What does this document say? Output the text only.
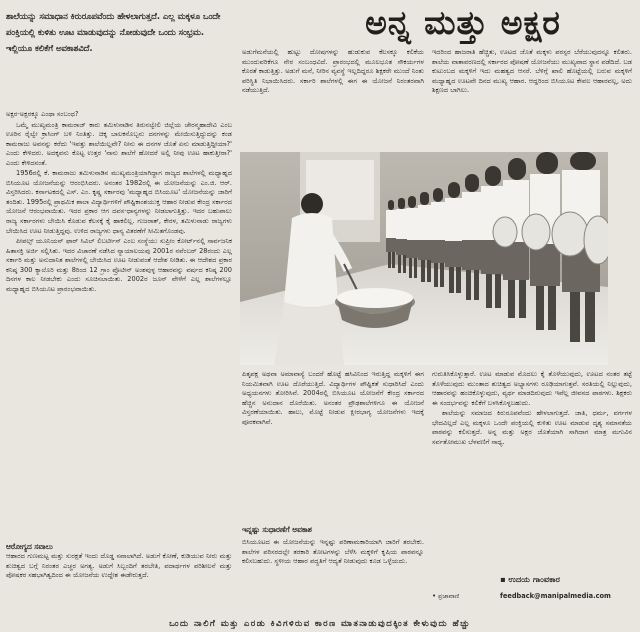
ಶಾಲೆಯನ್ನು ಸಮಾಧಾನ ಕಿರುರೂಪವೆಂದು ಹೇಳಲಾಗುತ್ತದೆ. ಎಲ್ಲ ಮಕ್ಕಳೂ ಒಂದೇ ಪಂಕ್ತಿಯಲ್ಲಿ ಕುಳಿತು ಊಟ ಮಾಡುವುದನ್ನು ನೋಡುವುದೇ ಒಂದು ಸಂಭ್ರಮ. ಇಲ್ಲಿಯೂ ಕಲಿಕೆಗೆ ಅವಕಾಶವಿದೆ.
ಅನ್ನ ಮತ್ತು ಅಕ್ಷರ

ಅಕ್ಷರ-ಅಕ್ಷರಕ್ಕೂ ಎಂಥಾ ಸಂಬಂಧ?

ಒಮ್ಮೆ ಮುಖ್ಯಮಂತ್ರಿ ಕಾಮರಾಜ್ ಕಾರು ತಮಿಳುನಾಡಿನ ತಿರುನಲ್ವೇಲಿ ಜಿಲ್ಲೆಯ ಚೇರನ್ಮಹಾದೇವಿ ಎಂಬ ಊರಿನ ರೈಲ್ವೇ ಕ್ರಾಸಿಂಗ್ ಬಳಿ ನಿಂತಿತ್ತು. ಚಿಕ್ಕ ಬಾಲಕನೊಬ್ಬನು ದನಗಳನ್ನು ಮೇಯಿಸುತ್ತಿದ್ದುದನ್ನು ಕಂಡ ಕಾಮರಾಜು ಅವನನ್ನು ಕರೆದು 'ಇವತ್ತು ಶಾಲೆಯಿಲ್ಲವೇ? ನೀನು ಈ ದನಗಳ ಜೊತೆ ಏನು ಮಾಡುತ್ತಿದ್ದೀಯಾ?' ಎಂದು ಕೇಳಿದರು. ಅದಕ್ಕವನು ಕೊಟ್ಟ ಉತ್ತರ 'ನಾನು ಶಾಲೆಗೆ ಹೋದರೆ ಅಲ್ಲಿ ನೀವು ಊಟ ಹಾಕುತ್ತೀರಾ?' ಎಂದು ಕೇಳಿದನಂತೆ.

1956ರಲ್ಲಿ ಕೆ. ಕಾಮರಾಜು ತಮಿಳುನಾಡಿನ ಮುಖ್ಯಮಂತ್ರಿಯಾಗಿದ್ದಾಗ ರಾಜ್ಯದ ಶಾಲೆಗಳಲ್ಲಿ ಮಧ್ಯಾಹ್ನದ ಬಿಸಿಯೂಟ ಯೋಜನೆಯನ್ನು ಆರಂಭಿಸಿದರು. ಅನಂತರ 1982ರಲ್ಲಿ ಈ ಯೋಜನೆಯನ್ನು ಎಂ.ಜಿ. ಆರ್. ವಿಸ್ತರಿಸಿದರು. ಕರ್ನಾಟಕದಲ್ಲಿ ಎಸ್. ಎಂ. ಕೃಷ್ಣ ಸರ್ಕಾರವು 'ಮಧ್ಯಾಹ್ನದ ಬಿಸಿಯೂಟ' ಯೋಜನೆಯನ್ನು ಜಾರಿಗೆ ತಂದಿತು. 1995ರಲ್ಲಿ ಪ್ರಾಥಮಿಕ ಶಾಲಾ ವಿದ್ಯಾರ್ಥಿಗಳಿಗೆ ಪೌಷ್ಟಿಕಾಂಶಯುಕ್ತ ಆಹಾರ ನೀಡುವ ಕೇಂದ್ರ ಸರ್ಕಾರದ ಯೋಜನೆ ಆರಂಭವಾಯಿತು. ಇದರ ಪ್ರಕಾರ ಆಗ ದವಸ-ಧಾನ್ಯಗಳನ್ನು ನೀಡಲಾಗುತ್ತಿತ್ತು. ಇದರ ಬಹುಪಾಲು ರಾಜ್ಯ ಸರ್ಕಾರಗಳು ಬೇಯಿಸಿ ಕೊಡುವ ಕೆಲಸಕ್ಕೆ ಕೈ ಹಾಕಲಿಲ್ಲ. ಗುಜರಾತ್, ಕೇರಳ, ತಮಿಳುನಾಡು ರಾಜ್ಯಗಳು ಬೇಯಿಸಿದ ಊಟ ನೀಡುತ್ತಿದ್ದವು. ಉಳಿದ ರಾಜ್ಯಗಳು ಧಾನ್ಯ ವಿತರಣೆಗೆ ಸೀಮಿತಗೊಂಡವು.

ಪೀಪಲ್ಸ್ ಯೂನಿಯನ್ ಫಾರ್ ಸಿವಿಲ್ ಲಿಬರ್ಟೀಸ್ ಎಂಬ ಸಂಸ್ಥೆಯು ಸುಪ್ರೀಂ ಕೋರ್ಟ್‌ನಲ್ಲಿ ಸಾರ್ವಜನಿಕ ಹಿತಾಸಕ್ತಿ ಅರ್ಜಿ ಸಲ್ಲಿಸಿತು. ಇದರ ವಿಚಾರಣೆ ನಡೆಸಿದ ನ್ಯಾಯಾಲಯವು 2001ರ ನವೆಂಬರ್ 28ರಂದು ಎಲ್ಲ ಸರ್ಕಾರಿ ಮತ್ತು ಅನುದಾನಿತ ಶಾಲೆಗಳಲ್ಲಿ ಬೇಯಿಸಿದ ಊಟ ನೀಡುವಂತೆ ಆದೇಶ ನೀಡಿತು. ಈ ಆದೇಶದ ಪ್ರಕಾರ ಕನಿಷ್ಠ 300 ಕ್ಯಾಲೊರಿ ಮತ್ತು 8ರಿಂದ 12 ಗ್ರಾಂ ಪ್ರೊಟೀನ್ ಅಂಶವುಳ್ಳ ಆಹಾರವನ್ನು ವರ್ಷದ ಕನಿಷ್ಠ 200 ದಿನಗಳ ಕಾಲ ನೀಡಬೇಕು ಎಂದು ಸೂಚಿಸಲಾಯಿತು. 2002ರ ಜೂನ್ ವೇಳೆಗೆ ಎಲ್ಲ ಶಾಲೆಗಳಲ್ಲೂ ಮಧ್ಯಾಹ್ನದ ಬಿಸಿಯೂಟ ಪ್ರಾರಂಭವಾಯಿತು.

ಆರೋಗ್ಯದ ಸವಾಲು

ಆಹಾರದ ಗುಣಮಟ್ಟ ಮತ್ತು ಸುರಕ್ಷತೆ ಇಂದು ದೊಡ್ಡ ಸವಾಲಾಗಿದೆ. ಅಡುಗೆ ಕೋಣೆ, ಕುಡಿಯುವ ನೀರು ಮತ್ತು ಶುಚಿತ್ವದ ಬಗ್ಗೆ ನಿರಂತರ ಎಚ್ಚರ ಅಗತ್ಯ. ಅಡುಗೆ ಸಿಬ್ಬಂದಿಗೆ ತರಬೇತಿ, ಪದಾರ್ಥಗಳ ಪರಿಶೀಲನೆ ಮತ್ತು ಪೋಷಕರ ಸಹಭಾಗಿತ್ವದಿಂದ ಈ ಯೋಜನೆಯ ಉದ್ದೇಶ ಈಡೇರುತ್ತದೆ.

ಅಡುಗೆಮನೆಯಲ್ಲಿ ಹುಟ್ಟು ದೋಷಗಳನ್ನು ಹುಡುಕುವ ಕೆಲಸಕ್ಕೂ ಕಲಿಕೆಯ ಮುಂದುವರಿಕೆಗೂ ನೇರ ಸಂಬಂಧವಿದೆ. ಪ್ರಾರಂಭದಲ್ಲಿ ಮೂಲಭೂತ ಸೌಕರ್ಯಗಳ ಕೊರತೆ ಕಾಡುತ್ತಿತ್ತು. ಅಡುಗೆ ಮನೆ, ನೀರಿನ ವ್ಯವಸ್ಥೆ ಇಲ್ಲದಿದ್ದರೂ ಶಿಕ್ಷಕರೇ ಮುಂದೆ ನಿಂತು ಪರಿಸ್ಥಿತಿ ನಿಭಾಯಿಸಿದರು. ಸರ್ಕಾರಿ ಶಾಲೆಗಳಲ್ಲಿ ಈಗ ಈ ಯೋಜನೆ ನಿರಂತರವಾಗಿ ನಡೆಯುತ್ತಿದೆ.

ಇದರಿಂದ ಹಾಜರಾತಿ ಹೆಚ್ಚಿತು, ಊಟದ ಜೊತೆ ಮಕ್ಕಳು ಪರಸ್ಪರ ಬೆರೆಯುವುದನ್ನೂ ಕಲಿತರು. ಶಾಲೆಯ ವಾತಾವರಣದಲ್ಲಿ ಸರ್ಕಾರದ ಪೋಷಣೆ ಯೋಜನೆಯು ಮುಖ್ಯವಾದ ಸ್ಥಾನ ಪಡೆದಿದೆ. ಬಡ ಕುಟುಂಬದ ಮಕ್ಕಳಿಗೆ ಇದು ಮಹತ್ವದ ಆಸರೆ. ಬೆಳಿಗ್ಗೆ ಖಾಲಿ ಹೊಟ್ಟೆಯಲ್ಲಿ ಬರುವ ಮಕ್ಕಳಿಗೆ ಮಧ್ಯಾಹ್ನದ ಊಟವೇ ದಿನದ ಮುಖ್ಯ ಆಹಾರ. ಆದ್ದರಿಂದ ಬಿಸಿಯೂಟ ಕೇವಲ ಆಹಾರವಲ್ಲ, ಅದು ಶಿಕ್ಷಣದ ಬಾಗಿಲು.

ಪಿತೃಪಕ್ಷ ಅಥವಾ ಅಮಾವಾಸ್ಯೆ ಬಂದರೆ ಹೊಟ್ಟೆ ಹಸಿವಿನಿಂದ ಇರುತ್ತಿದ್ದ ಮಕ್ಕಳಿಗೆ ಈಗ ನಿಯಮಿತವಾಗಿ ಊಟ ದೊರೆಯುತ್ತಿದೆ. ವಿದ್ಯಾರ್ಥಿಗಳ ಪೌಷ್ಟಿಕತೆ ಸುಧಾರಿಸಿದೆ ಎಂದು ಅಧ್ಯಯನಗಳು ತೋರಿಸಿವೆ. 2004ರಲ್ಲಿ ಬಿಸಿಯೂಟ ಯೋಜನೆಗೆ ಕೇಂದ್ರ ಸರ್ಕಾರದ ಹೆಚ್ಚಿನ ಅನುದಾನ ದೊರೆಯಿತು. ಅನಂತರ ಪ್ರೌಢಶಾಲೆಗಳಿಗೂ ಈ ಯೋಜನೆ ವಿಸ್ತರಣೆಯಾಯಿತು. ಹಾಲು, ಮೊಟ್ಟೆ ನೀಡುವ ಕ್ಷೀರಭಾಗ್ಯ ಯೋಜನೆಗಳು ಇದಕ್ಕೆ ಪೂರಕವಾಗಿವೆ.

ಇನ್ನಷ್ಟು ಸುಧಾರಣೆಗೆ ಅವಕಾಶ

ಬಿಸಿಯೂಟದ ಈ ಯೋಜನೆಯನ್ನು ಇನ್ನಷ್ಟು ಪರಿಣಾಮಕಾರಿಯಾಗಿ ಜಾರಿಗೆ ತರಬೇಕು. ಶಾಲೆಗಳ ಪರಿಸರದಲ್ಲೇ ತರಕಾರಿ ತೋಟಗಳನ್ನು ಬೆಳೆಸಿ ಮಕ್ಕಳಿಗೆ ಕೃಷಿಯ ಪಾಠವನ್ನೂ ಕಲಿಸಬಹುದು. ಸ್ಥಳೀಯ ಆಹಾರ ಪದ್ಧತಿಗೆ ಆದ್ಯತೆ ನೀಡುವುದು ಕೂಡ ಒಳ್ಳೆಯದು.

ಗುರುತಿಸಿಕೊಳ್ಳುತ್ತಾರೆ. ಊಟ ಮಾಡುವ ಮೊದಲು ಕೈ ತೊಳೆಯುವುದು, ಊಟದ ನಂತರ ತಟ್ಟೆ ತೊಳೆಯುವುದು ಮುಂತಾದ ಶುಚಿತ್ವದ ಅಭ್ಯಾಸಗಳು ರೂಢಿಯಾಗುತ್ತವೆ. ಸರತಿಯಲ್ಲಿ ನಿಲ್ಲುವುದು, ಆಹಾರವನ್ನು ಹಂಚಿಕೊಳ್ಳುವುದು, ವ್ಯರ್ಥ ಮಾಡದಿರುವುದು ಇವೆಲ್ಲ ಜೀವನದ ಪಾಠಗಳು. ಶಿಕ್ಷಕರು ಈ ಸಂದರ್ಭವನ್ನು ಕಲಿಕೆಗೆ ಬಳಸಿಕೊಳ್ಳಬಹುದು.

ಶಾಲೆಯನ್ನು ಸಮಾಜದ ಕಿರುರೂಪವೆಂದು ಹೇಳಲಾಗುತ್ತದೆ. ಜಾತಿ, ಧರ್ಮ, ವರ್ಗಗಳ ಭೇದವಿಲ್ಲದೆ ಎಲ್ಲ ಮಕ್ಕಳೂ ಒಂದೇ ಪಂಕ್ತಿಯಲ್ಲಿ ಕುಳಿತು ಊಟ ಮಾಡುವ ದೃಶ್ಯ ಸಮಾನತೆಯ ಪಾಠವನ್ನು ಕಲಿಸುತ್ತದೆ. ಅನ್ನ ಮತ್ತು ಅಕ್ಷರ ಜೊತೆಯಾಗಿ ಸಾಗಿದಾಗ ಮಾತ್ರ ಮಗುವಿನ ಸರ್ವತೋಮುಖ ಬೆಳವಣಿಗೆ ಸಾಧ್ಯ.

▪ ಉದಯ ಗಾಂವಕಾರ
• ಪ್ರಜಾವಾಣಿ	feedback@manipalmedia.com
ಒಂದು ನಾಲಿಗೆ ಮತ್ತು ಎರಡು ಕಿವಿಗಳಿರುವ ಕಾರಣ ಮಾತನಾಡುವುದಕ್ಕಿಂತ ಕೇಳುವುದು ಹೆಚ್ಚು
